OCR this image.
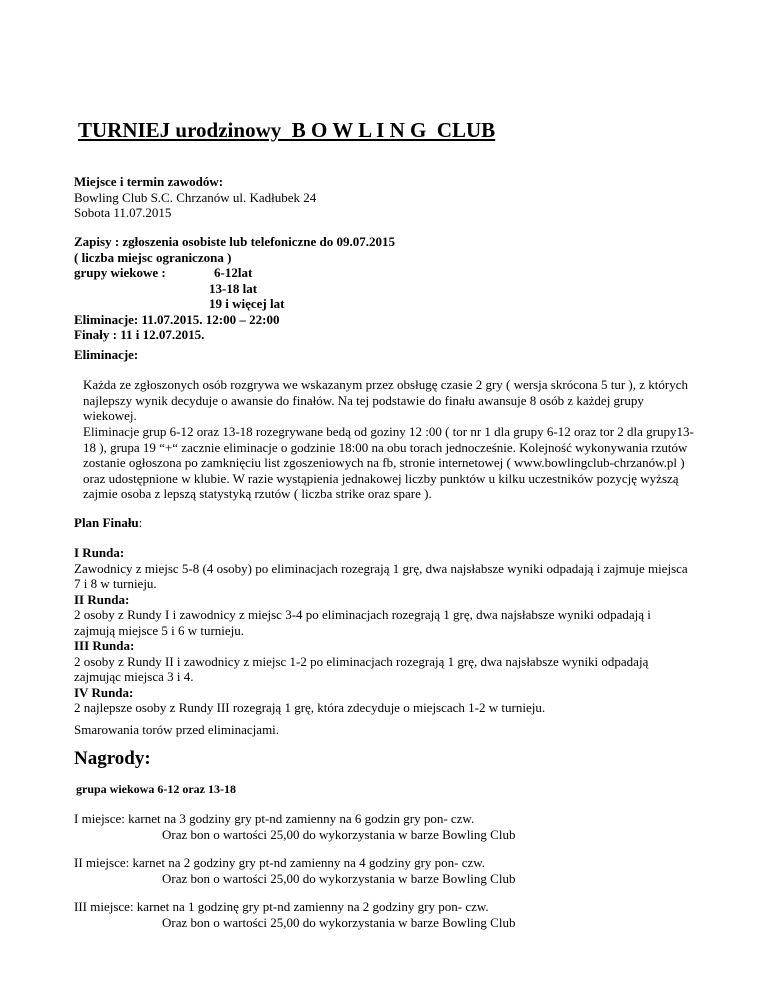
TURNIEJ urodzinowy  B O W L I N G  CLUB

Miejsce i termin zawodów:

Bowling Club S.C. Chrzanów ul. Kadłubek 24

Sobota 11.07.2015

Zapisy : zgłoszenia osobiste lub telefoniczne do 09.07.2015

( liczba miejsc ograniczona )

grupy wiekowe :	6-12lat

13-18 lat

19 i więcej lat

Eliminacje: 11.07.2015. 12:00 – 22:00

Finały : 11 i 12.07.2015.

Eliminacje:

Każda ze zgłoszonych osób rozgrywa we wskazanym przez obsługę czasie 2 gry ( wersja skrócona 5 tur ), z których najlepszy wynik decyduje o awansie do finałów. Na tej podstawie do finału awansuje 8 osób z każdej grupy wiekowej.

Eliminacje grup 6-12 oraz 13-18 rozegrywane bedą od goziny 12 :00 ( tor nr 1 dla grupy 6-12 oraz tor 2 dla grupy13-18 ), grupa 19 “+“ zacznie eliminacje o godzinie 18:00 na obu torach jednocześnie. Kolejność wykonywania rzutów zostanie ogłoszona po zamknięciu list zgoszeniowych na fb, stronie internetowej ( www.bowlingclub-chrzanów.pl ) oraz udostępnione w klubie. W razie wystąpienia jednakowej liczby punktów u kilku uczestników pozycję wyższą zajmie osoba z lepszą statystyką rzutów ( liczba strike oraz spare ).

Plan Finału:

I Runda:

Zawodnicy z miejsc 5-8 (4 osoby) po eliminacjach rozegrają 1 grę, dwa najsłabsze wyniki odpadają i zajmuje miejsca 7 i 8 w turnieju.

II Runda:

2 osoby z Rundy I i zawodnicy z miejsc 3-4 po eliminacjach rozegrają 1 grę, dwa najsłabsze wyniki odpadają i zajmują miejsce 5 i 6 w turnieju.

III Runda:

2 osoby z Rundy II i zawodnicy z miejsc 1-2 po eliminacjach rozegrają 1 grę, dwa najsłabsze wyniki odpadają zajmując miejsca 3 i 4.

IV Runda:

2 najlepsze osoby z Rundy III rozegrają 1 grę, która zdecyduje o miejscach 1-2 w turnieju.

Smarowania torów przed eliminacjami.

Nagrody:

grupa wiekowa 6-12 oraz 13-18

I miejsce: karnet na 3 godziny gry pt-nd zamienny na 6 godzin gry pon- czw.

Oraz bon o wartości 25,00 do wykorzystania w barze Bowling Club

II miejsce: karnet na 2 godziny gry pt-nd zamienny na 4 godziny gry pon- czw.

Oraz bon o wartości 25,00 do wykorzystania w barze Bowling Club

III miejsce: karnet na 1 godzinę gry pt-nd zamienny na 2 godziny gry pon- czw.

Oraz bon o wartości 25,00 do wykorzystania w barze Bowling Club
